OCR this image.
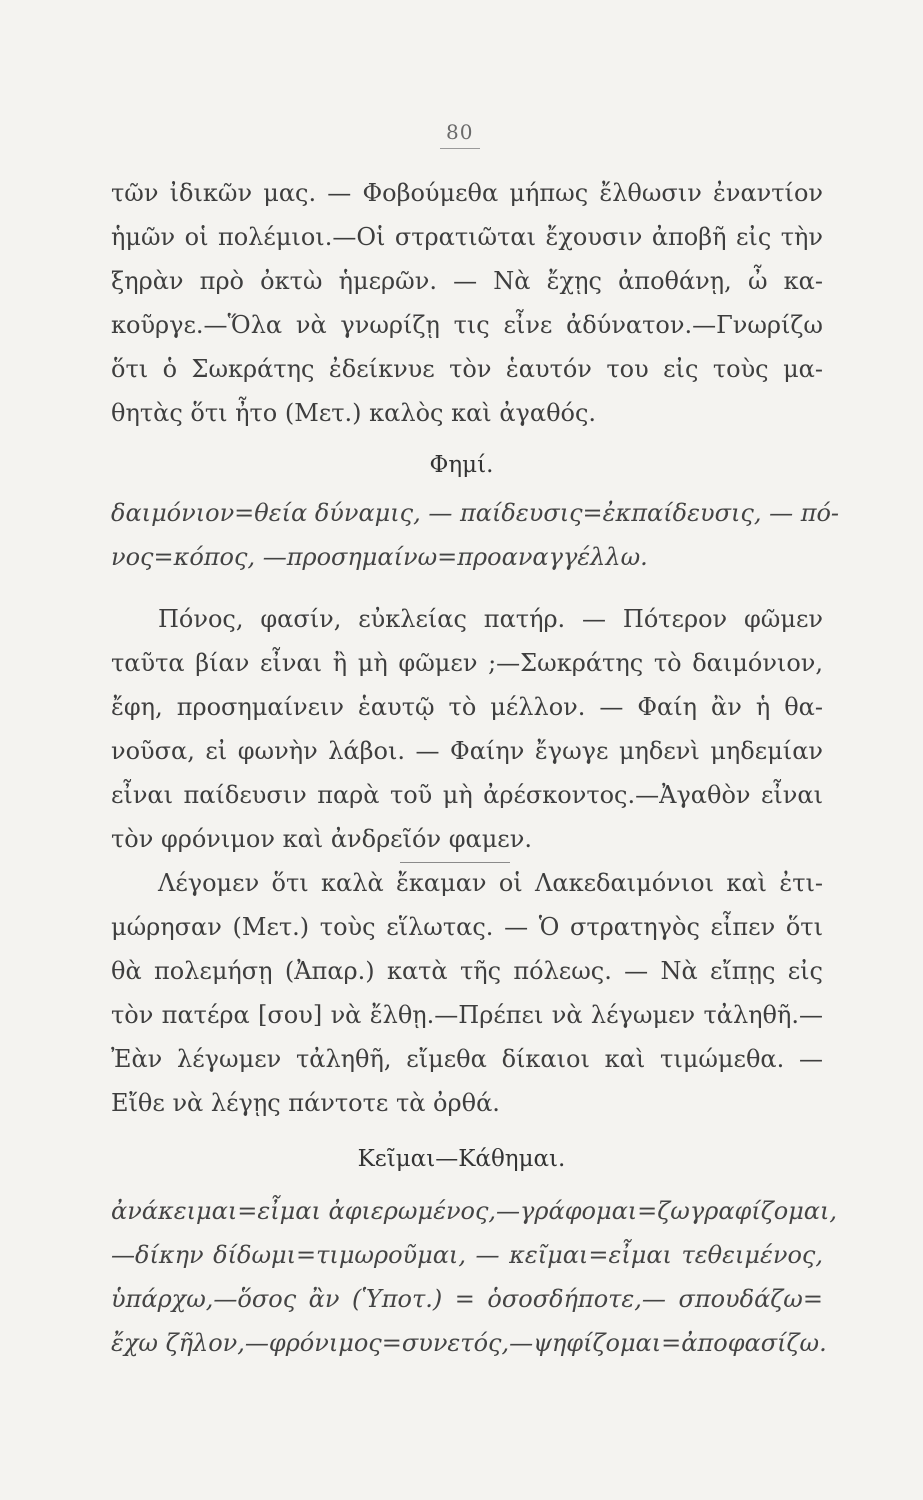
80
τῶν ἰδικῶν μας. — Φοβούμεθα μήπως ἔλθωσιν ἐναντίον
ἡμῶν οἱ πολέμιοι.—Οἱ στρατιῶται ἔχουσιν ἀποβῆ εἰς τὴν
ξηρὰν πρὸ ὀκτὼ ἡμερῶν. — Νὰ ἔχῃς ἀποθάνῃ, ὦ κα-
κοῦργε.—Ὅλα νὰ γνωρίζῃ τις εἶνε ἀδύνατον.—Γνωρίζω
ὅτι ὁ Σωκράτης ἐδείκνυε τὸν ἑαυτόν του εἰς τοὺς μα-
θητὰς ὅτι ἦτο (Μετ.) καλὸς καὶ ἀγαθός.
Φημί.
δαιμόνιον=θεία δύναμις, — παίδευσις=ἐκπαίδευσις, — πό-
νος=κόπος, —προσημαίνω=προαναγγέλλω.
Πόνος, φασίν, εὐκλείας πατήρ. — Πότερον φῶμεν
ταῦτα βίαν εἶναι ἢ μὴ φῶμεν ;—Σωκράτης τὸ δαιμόνιον,
ἔφη, προσημαίνειν ἑαυτῷ τὸ μέλλον. — Φαίη ἂν ἡ θα-
νοῦσα, εἰ φωνὴν λάβοι. — Φαίην ἔγωγε μηδενὶ μηδεμίαν
εἶναι παίδευσιν παρὰ τοῦ μὴ ἀρέσκοντος.—Ἀγαθὸν εἶναι
τὸν φρόνιμον καὶ ἀνδρεῖόν φαμεν.
Λέγομεν ὅτι καλὰ ἔκαμαν οἱ Λακεδαιμόνιοι καὶ ἐτι-
μώρησαν (Μετ.) τοὺς εἵλωτας. — Ὁ στρατηγὸς εἶπεν ὅτι
θὰ πολεμήσῃ (Ἀπαρ.) κατὰ τῆς πόλεως. — Νὰ εἴπῃς εἰς
τὸν πατέρα [σου] νὰ ἔλθῃ.—Πρέπει νὰ λέγωμεν τἀληθῆ.—
Ἐὰν λέγωμεν τἀληθῆ, εἴμεθα δίκαιοι καὶ τιμώμεθα. —
Εἴθε νὰ λέγῃς πάντοτε τὰ ὀρθά.
Κεῖμαι—Κάθημαι.
ἀνάκειμαι=εἶμαι ἀφιερωμένος,—γράφομαι=ζωγραφίζομαι,
—δίκην δίδωμι=τιμωροῦμαι, — κεῖμαι=εἶμαι τεθειμένος,
ὑπάρχω,—ὅσος ἂν (Ὑποτ.) = ὁσοσδήποτε,— σπουδάζω=
ἔχω ζῆλον,—φρόνιμος=συνετός,—ψηφίζομαι=ἀποφασίζω.
